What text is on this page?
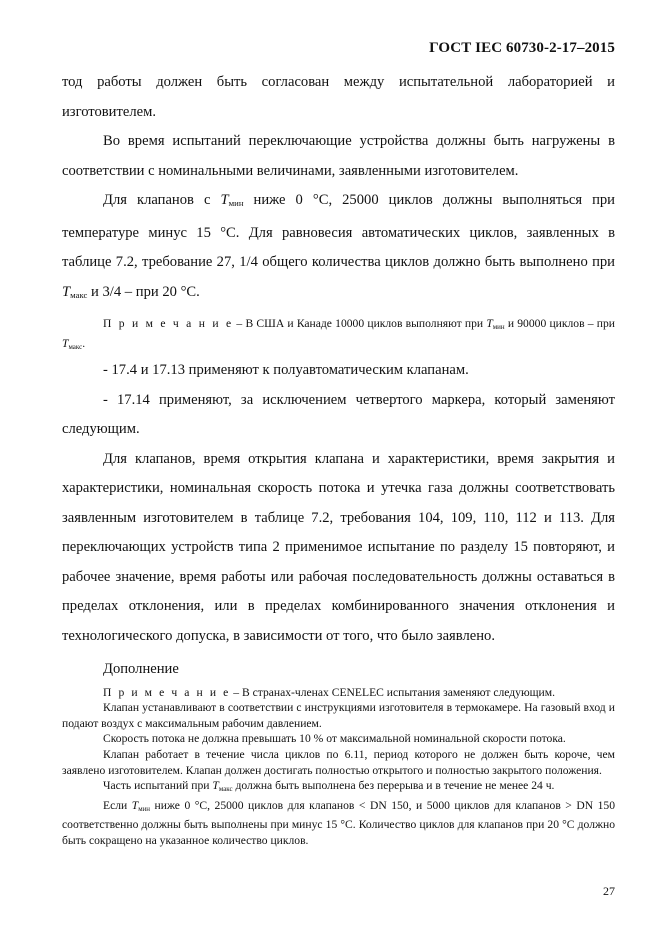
ГОСТ IEC 60730-2-17–2015

тод работы должен быть согласован между испытательной лабораторией и изготовителем.

Во время испытаний переключающие устройства должны быть нагружены в соответствии с номинальными величинами, заявленными изготовителем.

Для клапанов с $T_{мин}$ ниже 0 °С, 25000 циклов должны выполняться при температуре минус 15 °С. Для равновесия автоматических циклов, заявленных в таблице 7.2, требование 27, 1/4 общего количества циклов должно быть выполнено при $T_{макс}$ и 3/4 – при 20 °С.

П р и м е ч а н и е – В США и Канаде 10000 циклов выполняют при $T_{мин}$ и 90000 циклов – при $T_{макс}$.

- 17.4 и 17.13 применяют к полуавтоматическим клапанам.

- 17.14 применяют, за исключением четвертого маркера, который заменяют следующим.

Для клапанов, время открытия клапана и характеристики, время закрытия и характеристики, номинальная скорость потока и утечка газа должны соответствовать заявленным изготовителем в таблице 7.2, требования 104, 109, 110, 112 и 113. Для переключающих устройств типа 2 применимое испытание по разделу 15 повторяют, и рабочее значение, время работы или рабочая последовательность должны оставаться в пределах отклонения, или в пределах комбинированного значения отклонения и технологического допуска, в зависимости от того, что было заявлено.

Дополнение

П р и м е ч а н и е – В странах-членах CENELEC испытания заменяют следующим.

Клапан устанавливают в соответствии с инструкциями изготовителя в термокамере. На газовый вход и подают воздух с максимальным рабочим давлением.

Скорость потока не должна превышать 10 % от максимальной номинальной скорости потока.

Клапан работает в течение числа циклов по 6.11, период которого не должен быть короче, чем заявлено изготовителем. Клапан должен достигать полностью открытого и полностью закрытого положения.

Часть испытаний при $T_{макс}$ должна быть выполнена без перерыва и в течение не менее 24 ч.

Если $T_{мин}$ ниже 0 °С, 25000 циклов для клапанов < DN 150, и 5000 циклов для клапанов > DN 150 соответственно должны быть выполнены при минус 15 °С. Количество циклов для клапанов при 20 °С должно быть сокращено на указанное количество циклов.

27
